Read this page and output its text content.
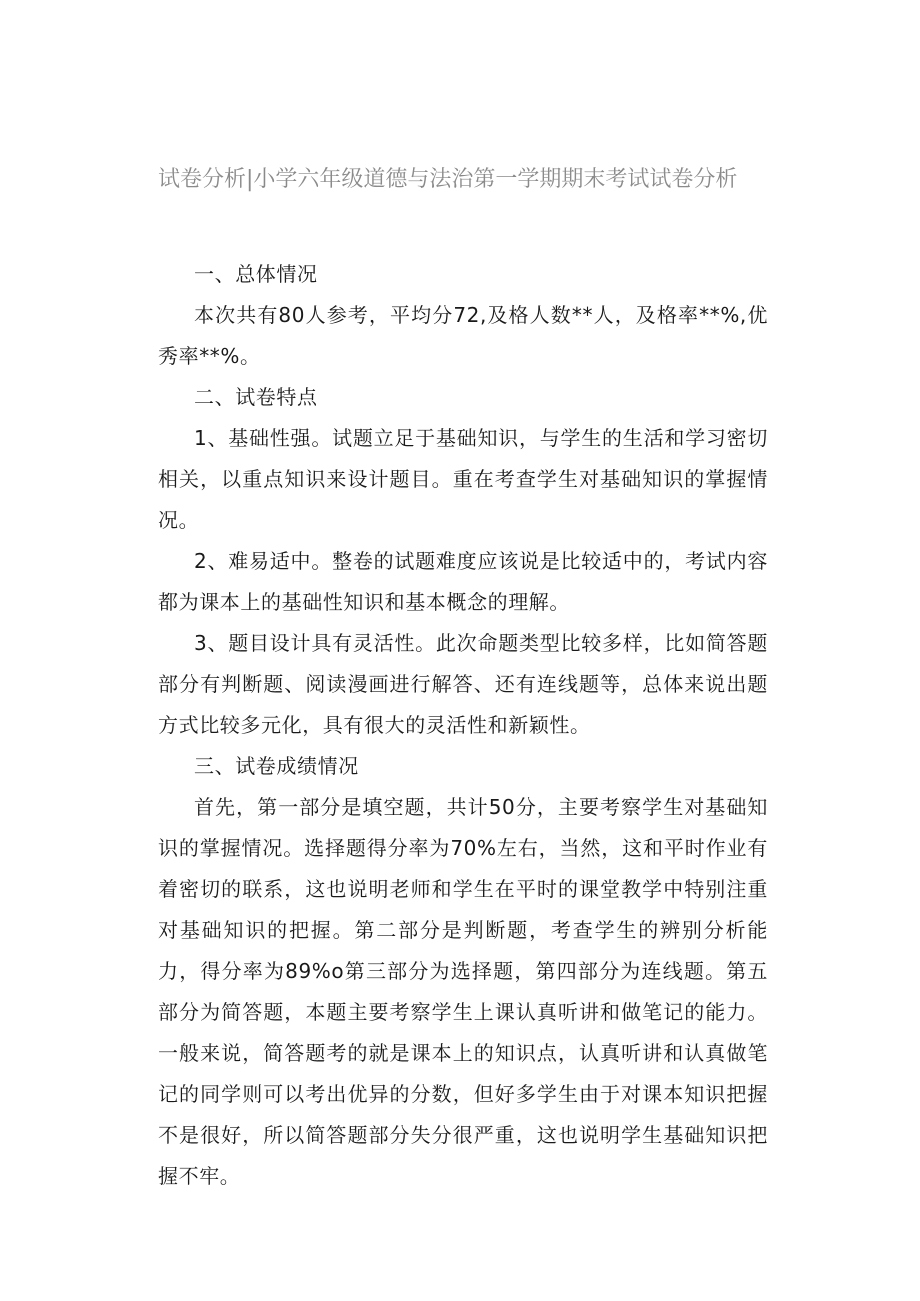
试卷分析|小学六年级道德与法治第一学期期末考试试卷分析

一、总体情况

本次共有80人参考，平均分72,及格人数**人，及格率**%,优秀率**%。

二、试卷特点

1、基础性强。试题立足于基础知识，与学生的生活和学习密切相关，以重点知识来设计题目。重在考查学生对基础知识的掌握情况。

2、难易适中。整卷的试题难度应该说是比较适中的，考试内容都为课本上的基础性知识和基本概念的理解。

3、题目设计具有灵活性。此次命题类型比较多样，比如简答题部分有判断题、阅读漫画进行解答、还有连线题等，总体来说出题方式比较多元化，具有很大的灵活性和新颖性。

三、试卷成绩情况

首先，第一部分是填空题，共计50分，主要考察学生对基础知识的掌握情况。选择题得分率为70%左右，当然，这和平时作业有着密切的联系，这也说明老师和学生在平时的课堂教学中特别注重对基础知识的把握。第二部分是判断题，考查学生的辨别分析能力，得分率为89%o第三部分为选择题，第四部分为连线题。第五部分为简答题，本题主要考察学生上课认真听讲和做笔记的能力。一般来说，简答题考的就是课本上的知识点，认真听讲和认真做笔记的同学则可以考出优异的分数，但好多学生由于对课本知识把握不是很好，所以简答题部分失分很严重，这也说明学生基础知识把握不牢。
